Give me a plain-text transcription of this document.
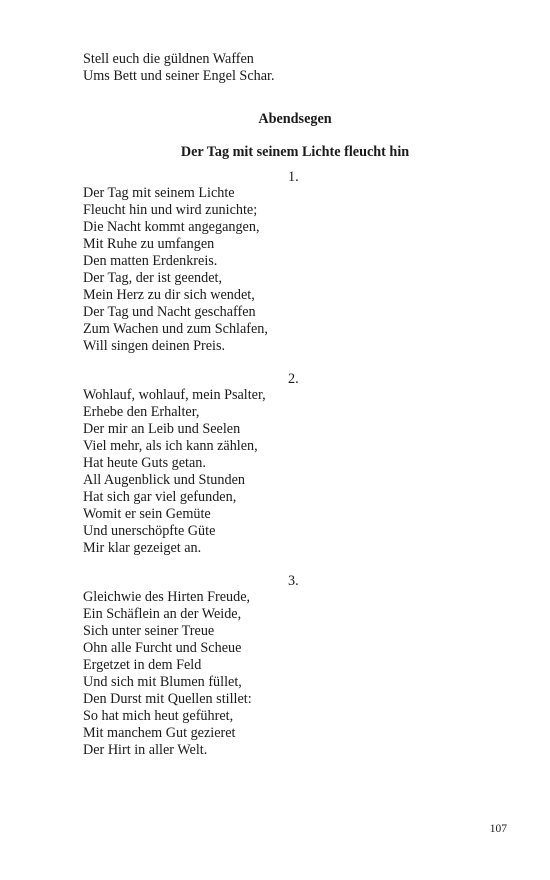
Stell euch die güldnen Waffen
Ums Bett und seiner Engel Schar.
Abendsegen
Der Tag mit seinem Lichte fleucht hin
1.
Der Tag mit seinem Lichte
Fleucht hin und wird zunichte;
Die Nacht kommt angegangen,
Mit Ruhe zu umfangen
Den matten Erdenkreis.
Der Tag, der ist geendet,
Mein Herz zu dir sich wendet,
Der Tag und Nacht geschaffen
Zum Wachen und zum Schlafen,
Will singen deinen Preis.
2.
Wohlauf, wohlauf, mein Psalter,
Erhebe den Erhalter,
Der mir an Leib und Seelen
Viel mehr, als ich kann zählen,
Hat heute Guts getan.
All Augenblick und Stunden
Hat sich gar viel gefunden,
Womit er sein Gemüte
Und unerschöpfte Güte
Mir klar gezeiget an.
3.
Gleichwie des Hirten Freude,
Ein Schäflein an der Weide,
Sich unter seiner Treue
Ohn alle Furcht und Scheue
Ergetzet in dem Feld
Und sich mit Blumen füllet,
Den Durst mit Quellen stillet:
So hat mich heut geführet,
Mit manchem Gut gezieret
Der Hirt in aller Welt.
107
